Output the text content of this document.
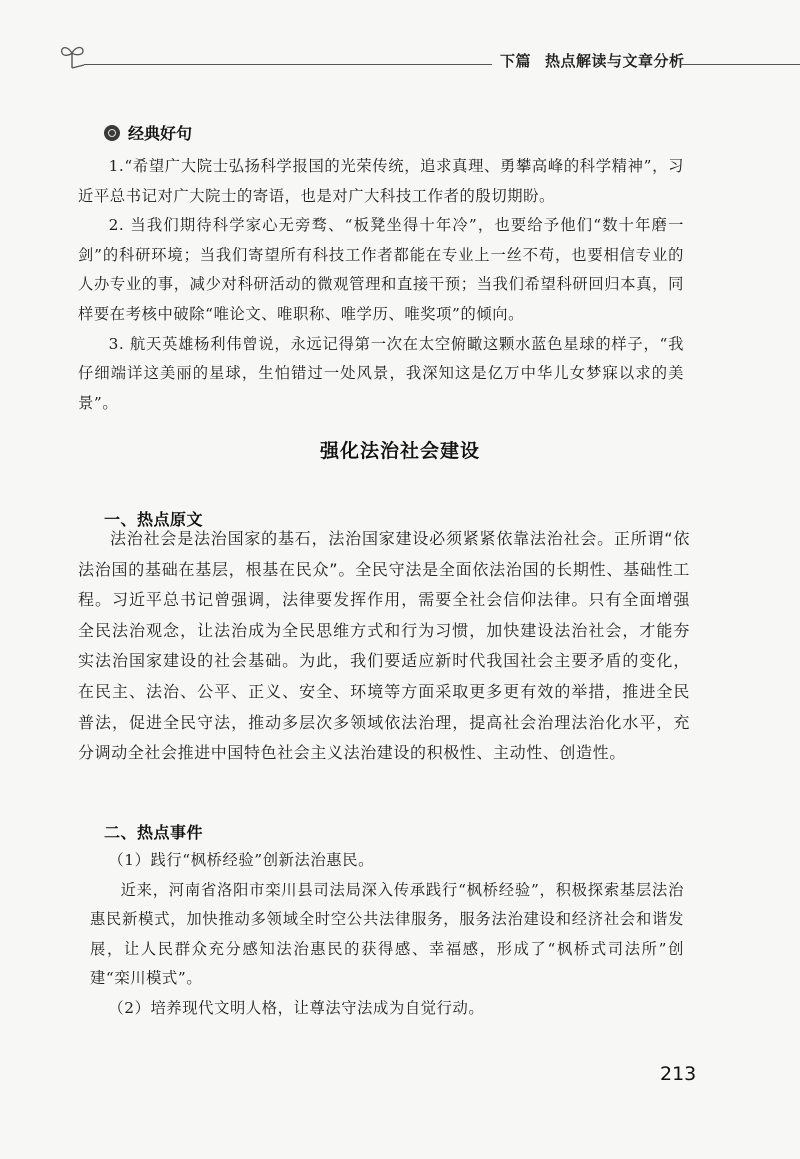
下篇 热点解读与文章分析
经典好句

1.“希望广大院士弘扬科学报国的光荣传统，追求真理、勇攀高峰的科学精神”，习近平总书记对广大院士的寄语，也是对广大科技工作者的殷切期盼。

2. 当我们期待科学家心无旁骛、“板凳坐得十年冷”，也要给予他们“数十年磨一剑”的科研环境；当我们寄望所有科技工作者都能在专业上一丝不苟，也要相信专业的人办专业的事，减少对科研活动的微观管理和直接干预；当我们希望科研回归本真，同样要在考核中破除“唯论文、唯职称、唯学历、唯奖项”的倾向。

3. 航天英雄杨利伟曾说，永远记得第一次在太空俯瞰这颗水蓝色星球的样子，“我仔细端详这美丽的星球，生怕错过一处风景，我深知这是亿万中华儿女梦寐以求的美景”。

强化法治社会建设
一、热点原文

法治社会是法治国家的基石，法治国家建设必须紧紧依靠法治社会。正所谓“依法治国的基础在基层，根基在民众”。全民守法是全面依法治国的长期性、基础性工程。习近平总书记曾强调，法律要发挥作用，需要全社会信仰法律。只有全面增强全民法治观念，让法治成为全民思维方式和行为习惯，加快建设法治社会，才能夯实法治国家建设的社会基础。为此，我们要适应新时代我国社会主要矛盾的变化，在民主、法治、公平、正义、安全、环境等方面采取更多更有效的举措，推进全民普法，促进全民守法，推动多层次多领域依法治理，提高社会治理法治化水平，充分调动全社会推进中国特色社会主义法治建设的积极性、主动性、创造性。

二、热点事件

（1）践行“枫桥经验”创新法治惠民。

近来，河南省洛阳市栾川县司法局深入传承践行“枫桥经验”，积极探索基层法治惠民新模式，加快推动多领域全时空公共法律服务，服务法治建设和经济社会和谐发展，让人民群众充分感知法治惠民的获得感、幸福感，形成了“枫桥式司法所”创建“栾川模式”。

（2）培养现代文明人格，让尊法守法成为自觉行动。

213
